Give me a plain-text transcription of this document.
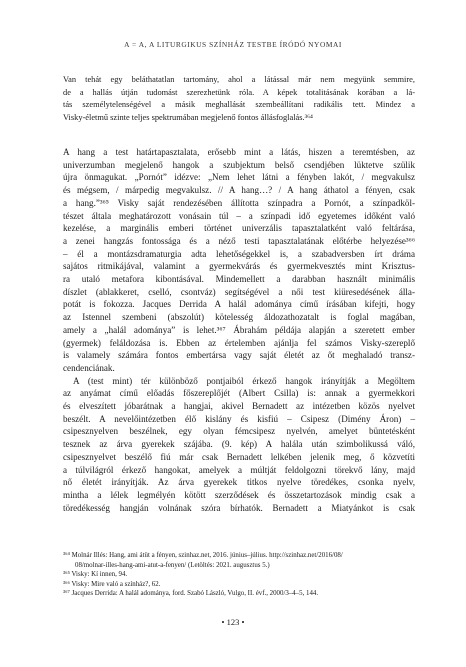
A = A, A LITURGIKUS SZÍNHÁZ TESTBE ÍRÓDÓ NYOMAI
Van tehát egy beláthatatlan tartomány, ahol a látással már nem megyünk semmire,
de a hallás útján tudomást szerezhetünk róla. A képek totalitásának korában a lá-
tás személytelenségével a másik meghallását szembeállítani radikális tett. Mindez a
Visky-életmű szinte teljes spektrumában megjelenő fontos állásfoglalás.³⁶⁴
A hang a test határtapasztalata, erősebb mint a látás, hiszen a teremtésben, az
univerzumban megjelenő hangok a szubjektum belső csendjében lüktetve szülik
újra önmagukat. „Pornót” idézve: „Nem lehet látni a fényben lakót, / megvakulsz
és mégsem, / márpedig megvakulsz. // A hang…? / A hang áthatol a fényen, csak
a hang.”³⁶⁵ Visky saját rendezésében állította színpadra a Pornót, a színpadköl-
tészet általa meghatározott vonásain túl – a színpadi idő egyetemes időként való
kezelése, a marginális emberi történet univerzális tapasztalatként való feltárása,
a zenei hangzás fontossága és a néző testi tapasztalatának előtérbe helyezése³⁶⁶
– él a montázsdramaturgia adta lehetőségekkel is, a szabadversben írt dráma
sajátos ritmikájával, valamint a gyermekvárás és gyermekvesztés mint Krisztus-
ra utaló metafora kibontásával. Mindemellett a darabban használt minimális
díszlet (ablakkeret, cselló, csontváz) segítségével a női test kiüresedésének álla-
potát is fokozza. Jacques Derrida A halál adománya című írásában kifejti, hogy
az Istennel szembeni (abszolút) kötelesség áldozathozatalt is foglal magában,
amely a „halál adománya” is lehet.³⁶⁷ Ábrahám példája alapján a szeretett ember
(gyermek) feláldozása is. Ebben az értelemben ajánlja fel számos Visky-szereplő
is valamely számára fontos embertársa vagy saját életét az őt meghaladó transz-
cendenciának.
A (test mint) tér különböző pontjaiból érkező hangok irányítják a Megöltem
az anyámat című előadás főszereplőjét (Albert Csilla) is: annak a gyermekkori
és elveszített jóbarátnak a hangjai, akivel Bernadett az intézetben közös nyelvet
beszélt. A nevelőintézetben élő kislány és kisfiú – Csipesz (Dimény Áron) –
csipesznyelven beszélnek, egy olyan fémcsipesz nyelvén, amelyet büntetésként
tesznek az árva gyerekek szájába. (9. kép) A halála után szimbolikussá váló,
csipesznyelvet beszélő fiú már csak Bernadett lelkében jelenik meg, ő közvetíti
a túlvilágról érkező hangokat, amelyek a múltját feldolgozni törekvő lány, majd
nő életét irányítják. Az árva gyerekek titkos nyelve töredékes, csonka nyelv,
mintha a lélek legmélyén kötött szerződések és összetartozások mindig csak a
töredékesség hangján volnának szóra bírhatók. Bernadett a Miatyánkot is csak
³⁶⁴ Molnár Illés: Hang, ami átüt a fényen, szinhaz.net, 2016. június–július. http://szinhaz.net/2016/08/
08/molnar-illes-hang-ami-atut-a-fenyen/ (Letöltés: 2021. augusztus 5.)
³⁶⁵ Visky: Kí innen, 94.
³⁶⁶ Visky: Mire való a színház?, 62.
³⁶⁷ Jacques Derrida: A halál adománya, ford. Szabó László, Vulgo, II. évf., 2000/3–4–5, 144.
• 123 •
